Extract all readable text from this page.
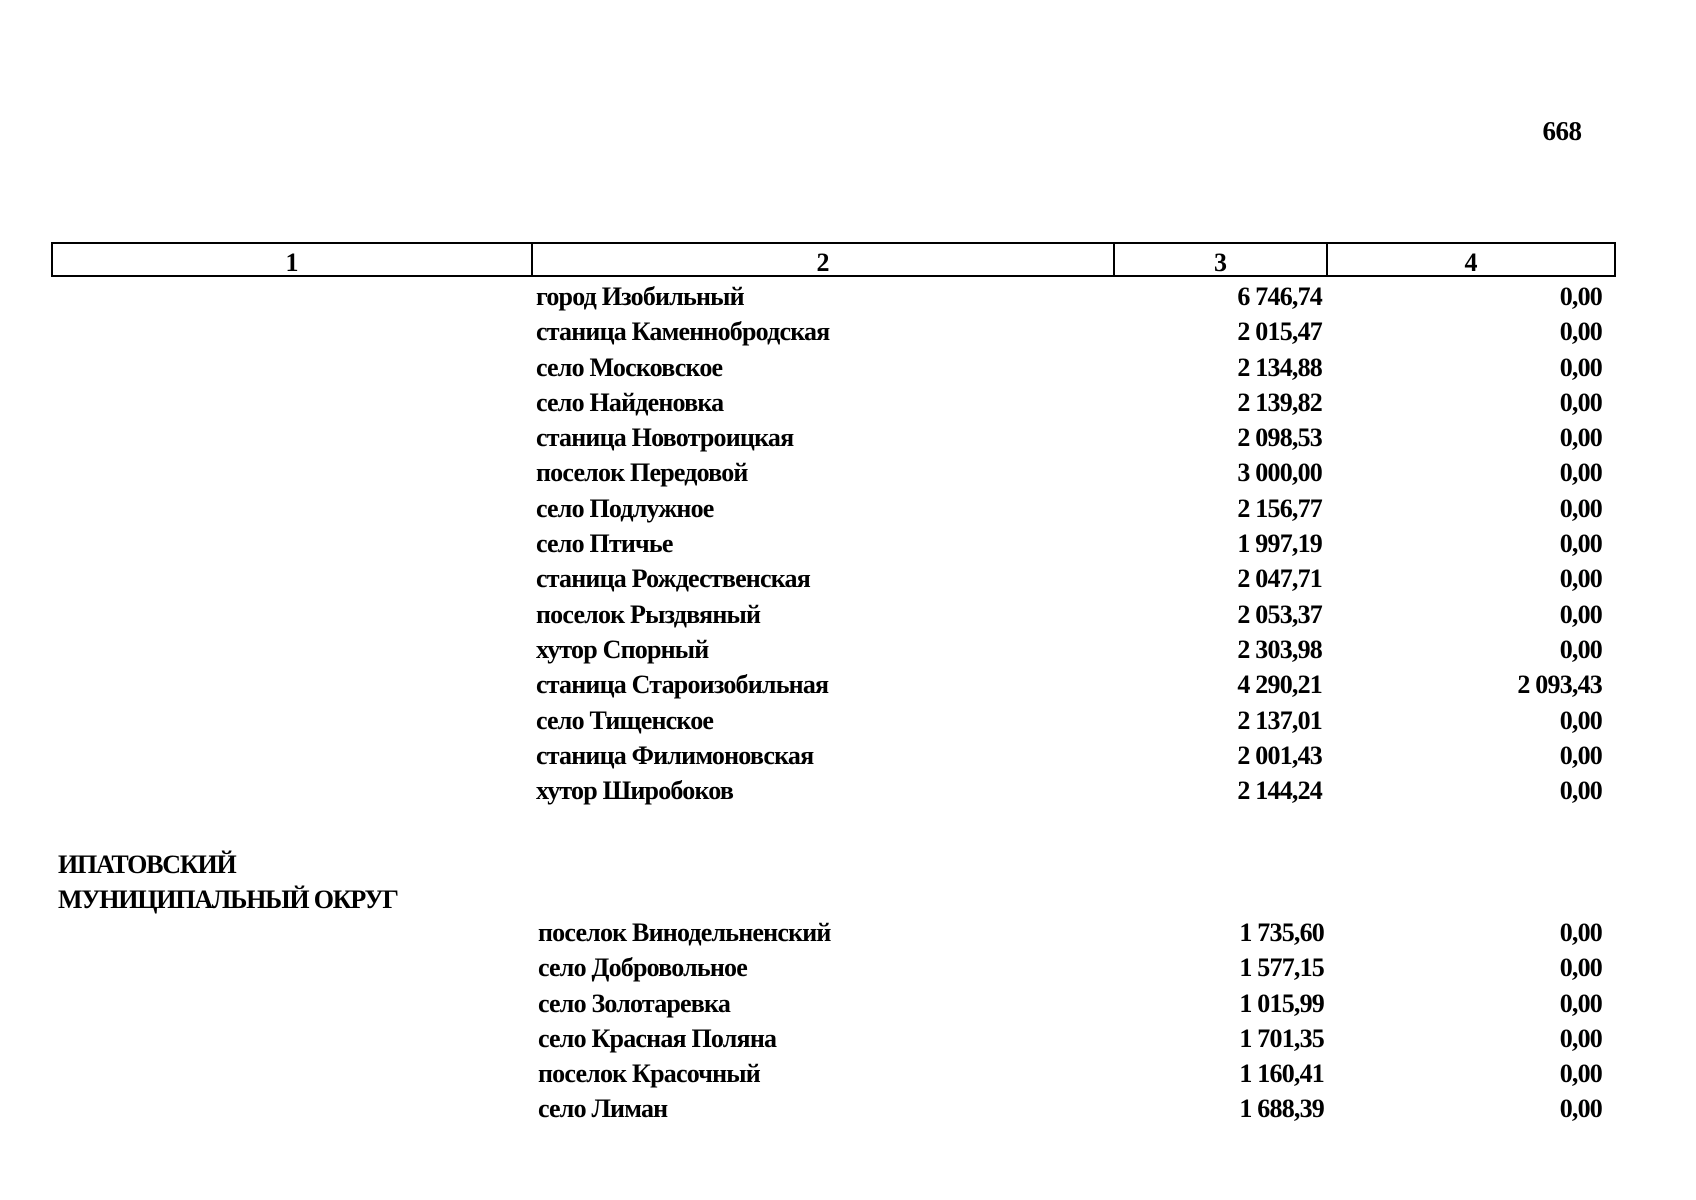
668
1	2	3	4
город Изобильный	6 746,74	0,00
станица Каменнобродская	2 015,47	0,00
село Московское	2 134,88	0,00
село Найденовка	2 139,82	0,00
станица Новотроицкая	2 098,53	0,00
поселок Передовой	3 000,00	0,00
село Подлужное	2 156,77	0,00
село Птичье	1 997,19	0,00
станица Рождественская	2 047,71	0,00
поселок Рыздвяный	2 053,37	0,00
хутор Спорный	2 303,98	0,00
станица Староизобильная	4 290,21	2 093,43
село Тищенское	2 137,01	0,00
станица Филимоновская	2 001,43	0,00
хутор Широбоков	2 144,24	0,00
ИПАТОВСКИЙ
МУНИЦИПАЛЬНЫЙ ОКРУГ
поселок Винодельненский	1 735,60	0,00
село Добровольное	1 577,15	0,00
село Золотаревка	1 015,99	0,00
село Красная Поляна	1 701,35	0,00
поселок Красочный	1 160,41	0,00
село Лиман	1 688,39	0,00
